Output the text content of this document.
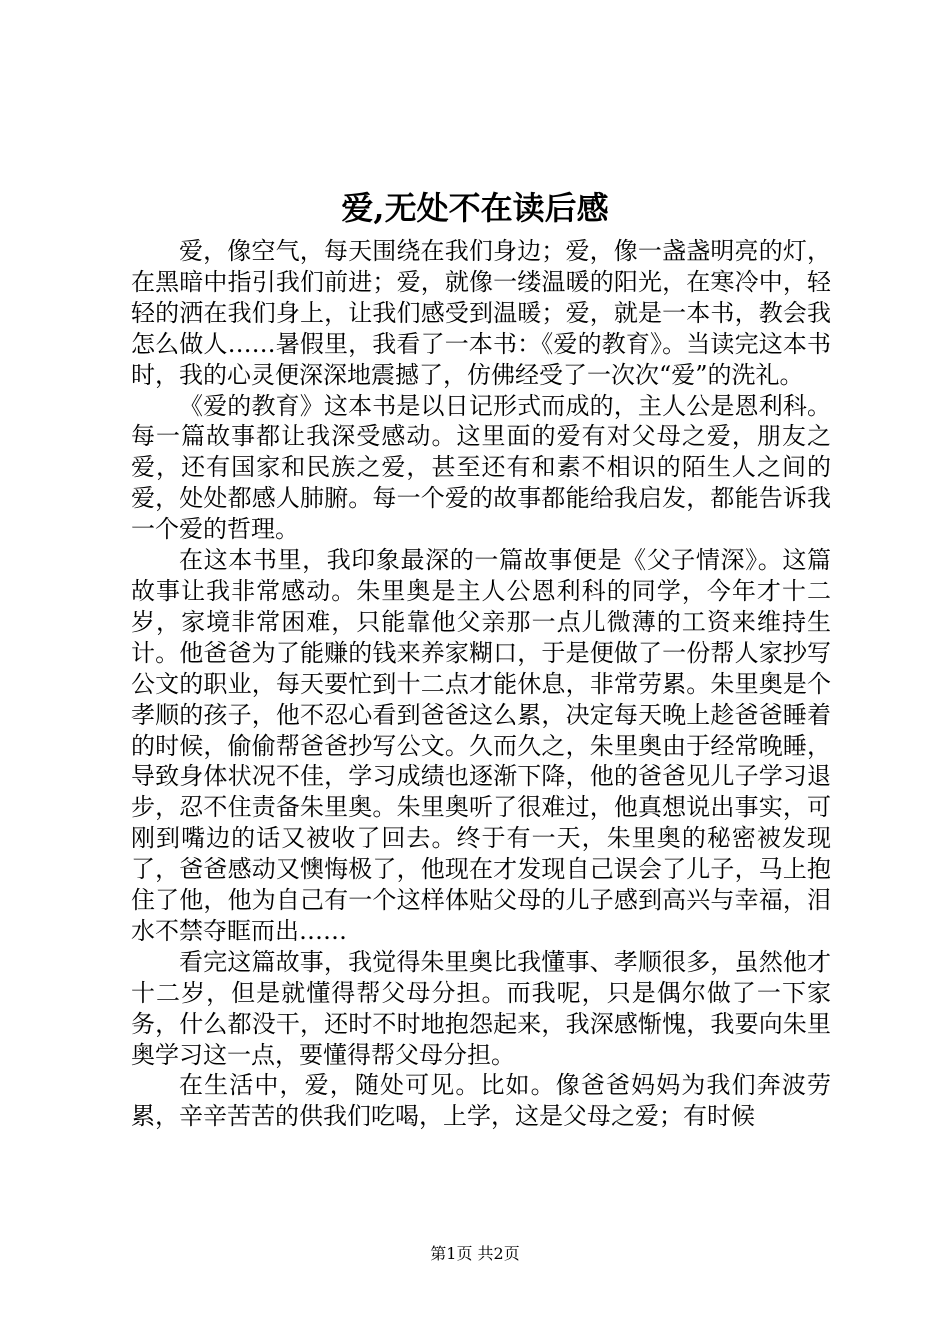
爱,无处不在读后感

爱，像空气，每天围绕在我们身边；爱，像一盏盏明亮的灯，在黑暗中指引我们前进；爱，就像一缕温暖的阳光，在寒冷中，轻轻的洒在我们身上，让我们感受到温暖；爱，就是一本书，教会我怎么做人……暑假里，我看了一本书：《爱的教育》。当读完这本书时，我的心灵便深深地震撼了，仿佛经受了一次次“爱”的洗礼。

《爱的教育》这本书是以日记形式而成的，主人公是恩利科。每一篇故事都让我深受感动。这里面的爱有对父母之爱，朋友之爱，还有国家和民族之爱，甚至还有和素不相识的陌生人之间的爱，处处都感人肺腑。每一个爱的故事都能给我启发，都能告诉我一个爱的哲理。

在这本书里，我印象最深的一篇故事便是《父子情深》。这篇故事让我非常感动。朱里奥是主人公恩利科的同学，今年才十二岁，家境非常困难，只能靠他父亲那一点儿微薄的工资来维持生计。他爸爸为了能赚的钱来养家糊口，于是便做了一份帮人家抄写公文的职业，每天要忙到十二点才能休息，非常劳累。朱里奥是个孝顺的孩子，他不忍心看到爸爸这么累，决定每天晚上趁爸爸睡着的时候，偷偷帮爸爸抄写公文。久而久之，朱里奥由于经常晚睡，导致身体状况不佳，学习成绩也逐渐下降，他的爸爸见儿子学习退步，忍不住责备朱里奥。朱里奥听了很难过，他真想说出事实，可刚到嘴边的话又被收了回去。终于有一天，朱里奥的秘密被发现了，爸爸感动又懊悔极了，他现在才发现自己误会了儿子，马上抱住了他，他为自己有一个这样体贴父母的儿子感到高兴与幸福，泪水不禁夺眶而出……

看完这篇故事，我觉得朱里奥比我懂事、孝顺很多，虽然他才十二岁，但是就懂得帮父母分担。而我呢，只是偶尔做了一下家务，什么都没干，还时不时地抱怨起来，我深感惭愧，我要向朱里奥学习这一点，要懂得帮父母分担。

在生活中，爱，随处可见。比如。像爸爸妈妈为我们奔波劳累，辛辛苦苦的供我们吃喝，上学，这是父母之爱；有时候

第1页 共2页
